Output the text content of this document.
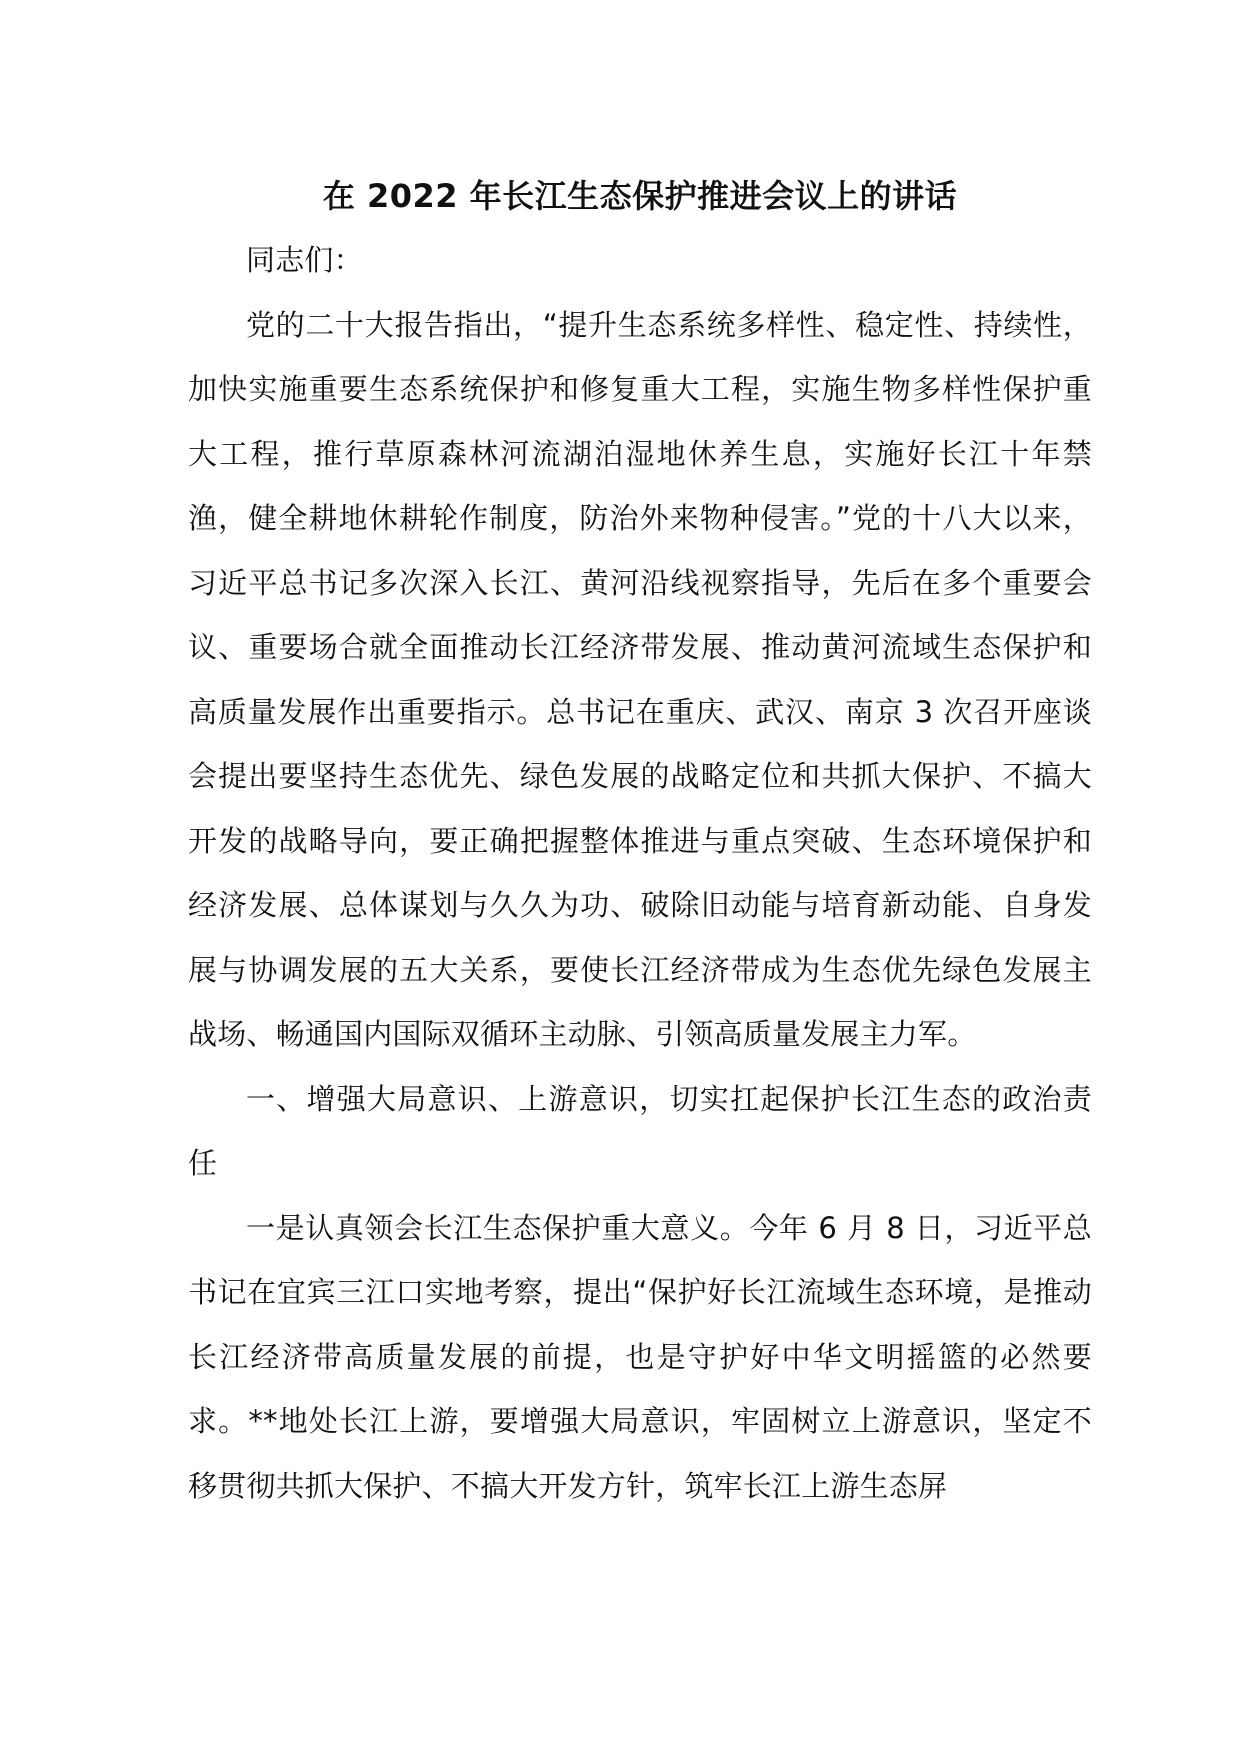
在 2022 年长江生态保护推进会议上的讲话

同志们：

党的二十大报告指出，“提升生态系统多样性、稳定性、持续性，加快实施重要生态系统保护和修复重大工程，实施生物多样性保护重大工程，推行草原森林河流湖泊湿地休养生息，实施好长江十年禁渔，健全耕地休耕轮作制度，防治外来物种侵害。”党的十八大以来，习近平总书记多次深入长江、黄河沿线视察指导，先后在多个重要会议、重要场合就全面推动长江经济带发展、推动黄河流域生态保护和高质量发展作出重要指示。总书记在重庆、武汉、南京 3 次召开座谈会提出要坚持生态优先、绿色发展的战略定位和共抓大保护、不搞大开发的战略导向，要正确把握整体推进与重点突破、生态环境保护和经济发展、总体谋划与久久为功、破除旧动能与培育新动能、自身发展与协调发展的五大关系，要使长江经济带成为生态优先绿色发展主战场、畅通国内国际双循环主动脉、引领高质量发展主力军。

一、增强大局意识、上游意识，切实扛起保护长江生态的政治责任

一是认真领会长江生态保护重大意义。今年 6 月 8 日，习近平总书记在宜宾三江口实地考察，提出“保护好长江流域生态环境，是推动长江经济带高质量发展的前提，也是守护好中华文明摇篮的必然要求。**地处长江上游，要增强大局意识，牢固树立上游意识，坚定不移贯彻共抓大保护、不搞大开发方针，筑牢长江上游生态屏
